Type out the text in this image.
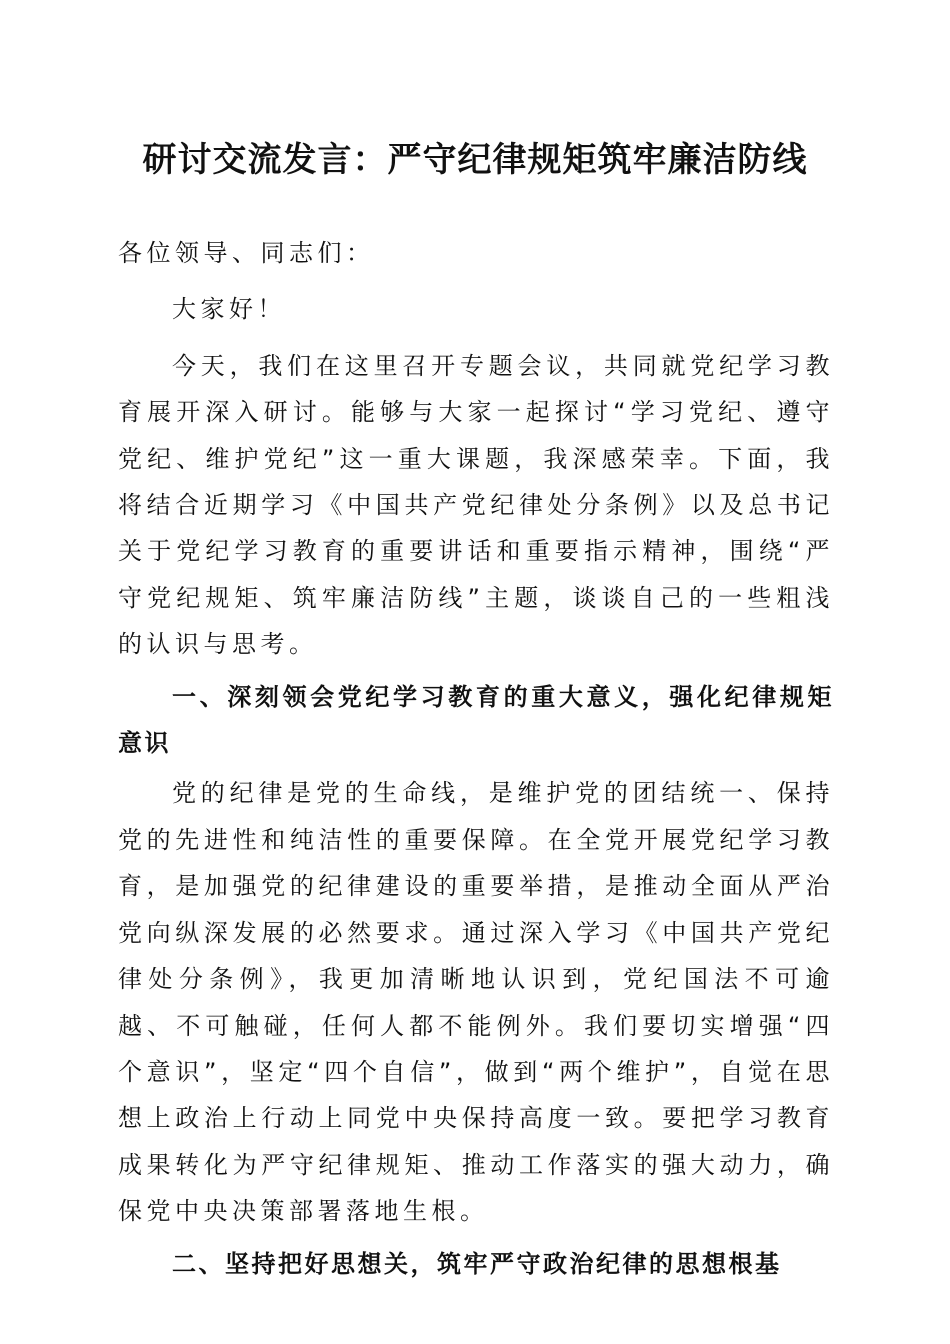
研讨交流发言：严守纪律规矩筑牢廉洁防线

各位领导、同志们：

大家好！

今天，我们在这里召开专题会议，共同就党纪学习教育展开深入研讨。能够与大家一起探讨“学习党纪、遵守党纪、维护党纪”这一重大课题，我深感荣幸。下面，我将结合近期学习《中国共产党纪律处分条例》以及总书记关于党纪学习教育的重要讲话和重要指示精神，围绕“严守党纪规矩、筑牢廉洁防线”主题，谈谈自己的一些粗浅的认识与思考。

一、深刻领会党纪学习教育的重大意义，强化纪律规矩意识

党的纪律是党的生命线，是维护党的团结统一、保持党的先进性和纯洁性的重要保障。在全党开展党纪学习教育，是加强党的纪律建设的重要举措，是推动全面从严治党向纵深发展的必然要求。通过深入学习《中国共产党纪律处分条例》，我更加清晰地认识到，党纪国法不可逾越、不可触碰，任何人都不能例外。我们要切实增强“四个意识”，坚定“四个自信”，做到“两个维护”，自觉在思想上政治上行动上同党中央保持高度一致。要把学习教育成果转化为严守纪律规矩、推动工作落实的强大动力，确保党中央决策部署落地生根。

二、坚持把好思想关，筑牢严守政治纪律的思想根基
